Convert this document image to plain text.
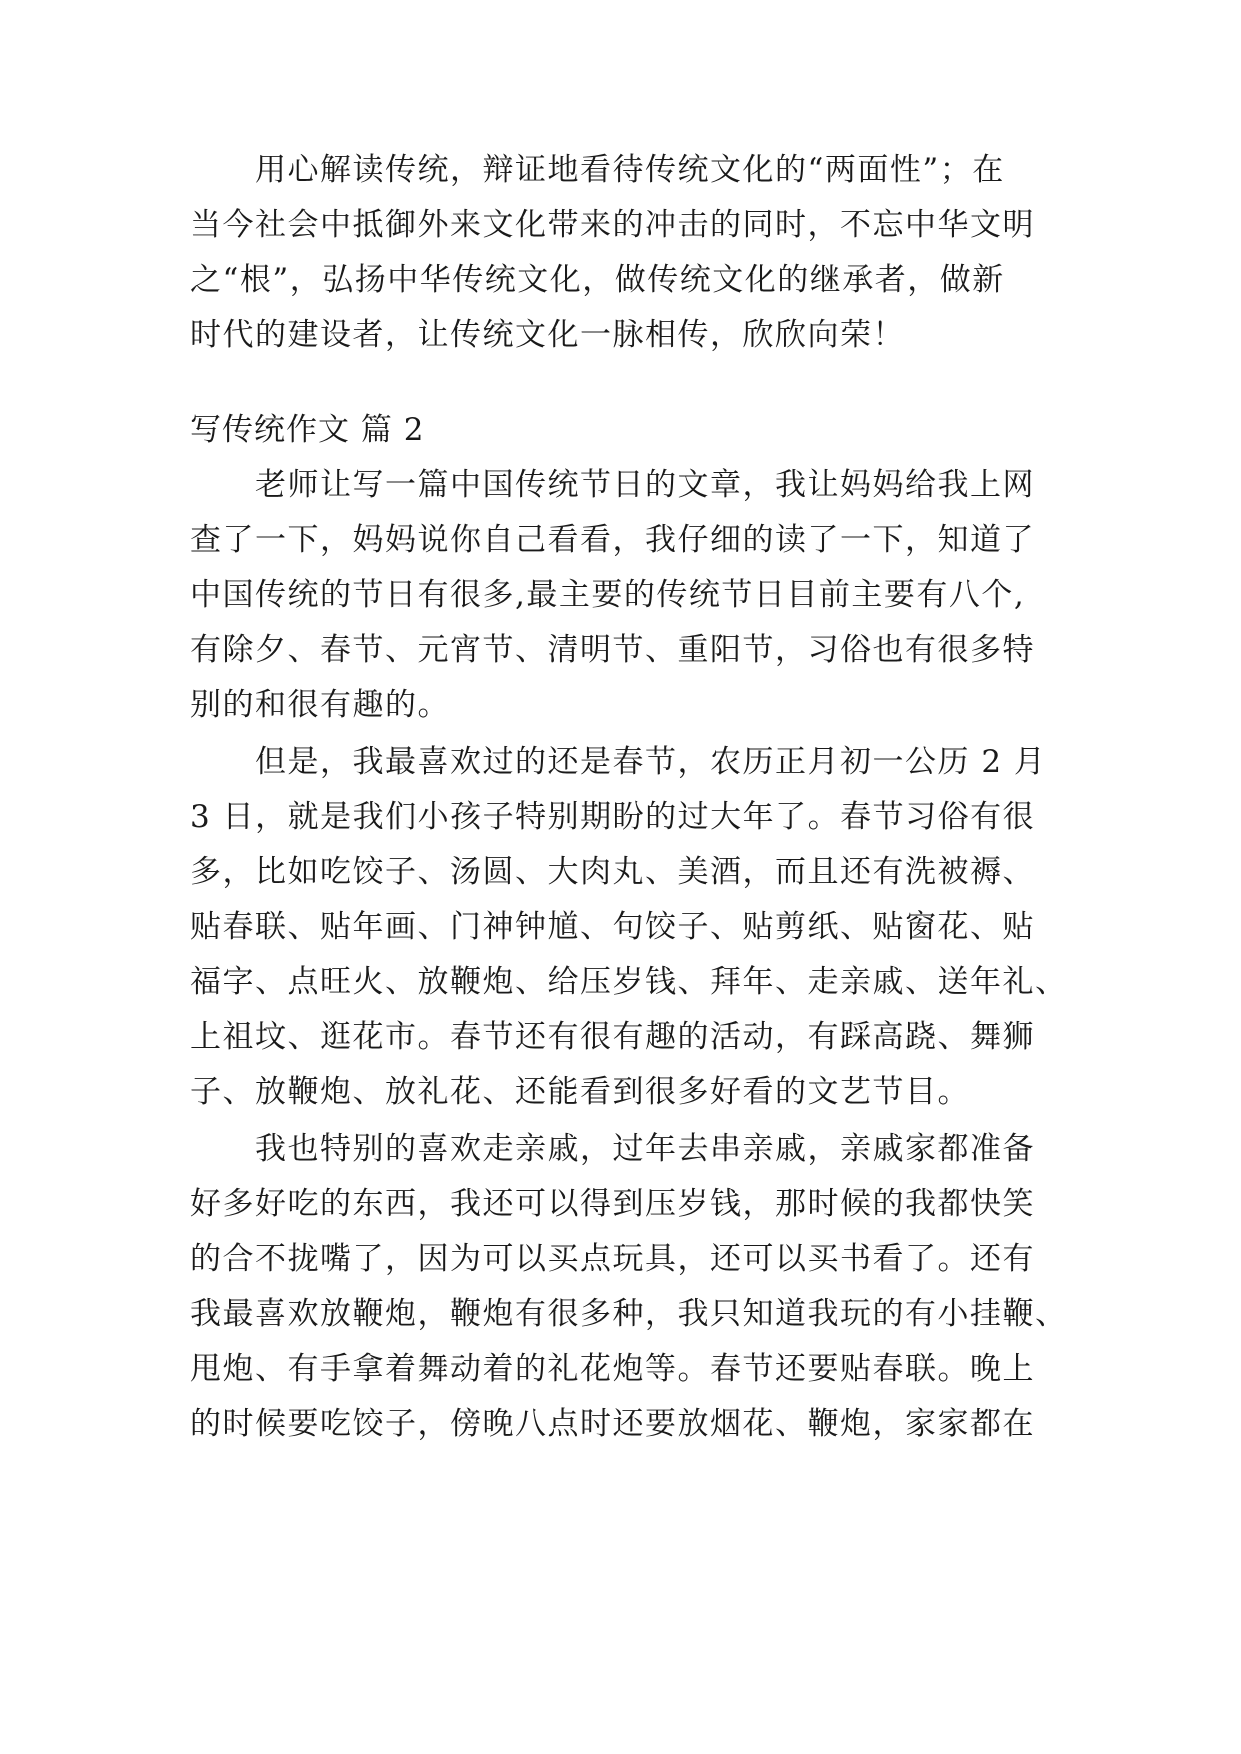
用心解读传统，辩证地看待传统文化的“两面性”；在
当今社会中抵御外来文化带来的冲击的同时，不忘中华文明
之“根”，弘扬中华传统文化，做传统文化的继承者，做新
时代的建设者，让传统文化一脉相传，欣欣向荣！
写传统作文 篇 2
老师让写一篇中国传统节日的文章，我让妈妈给我上网
查了一下，妈妈说你自己看看，我仔细的读了一下，知道了
中国传统的节日有很多,最主要的传统节日目前主要有八个,
有除夕、春节、元宵节、清明节、重阳节，习俗也有很多特
别的和很有趣的。
但是，我最喜欢过的还是春节，农历正月初一公历 2 月
3 日，就是我们小孩子特别期盼的过大年了。春节习俗有很
多，比如吃饺子、汤圆、大肉丸、美酒，而且还有洗被褥、
贴春联、贴年画、门神钟馗、句饺子、贴剪纸、贴窗花、贴
福字、点旺火、放鞭炮、给压岁钱、拜年、走亲戚、送年礼、
上祖坟、逛花市。春节还有很有趣的活动，有踩高跷、舞狮
子、放鞭炮、放礼花、还能看到很多好看的文艺节目。
我也特别的喜欢走亲戚，过年去串亲戚，亲戚家都准备
好多好吃的东西，我还可以得到压岁钱，那时候的我都快笑
的合不拢嘴了，因为可以买点玩具，还可以买书看了。还有
我最喜欢放鞭炮，鞭炮有很多种，我只知道我玩的有小挂鞭、
甩炮、有手拿着舞动着的礼花炮等。春节还要贴春联。晚上
的时候要吃饺子，傍晚八点时还要放烟花、鞭炮，家家都在
